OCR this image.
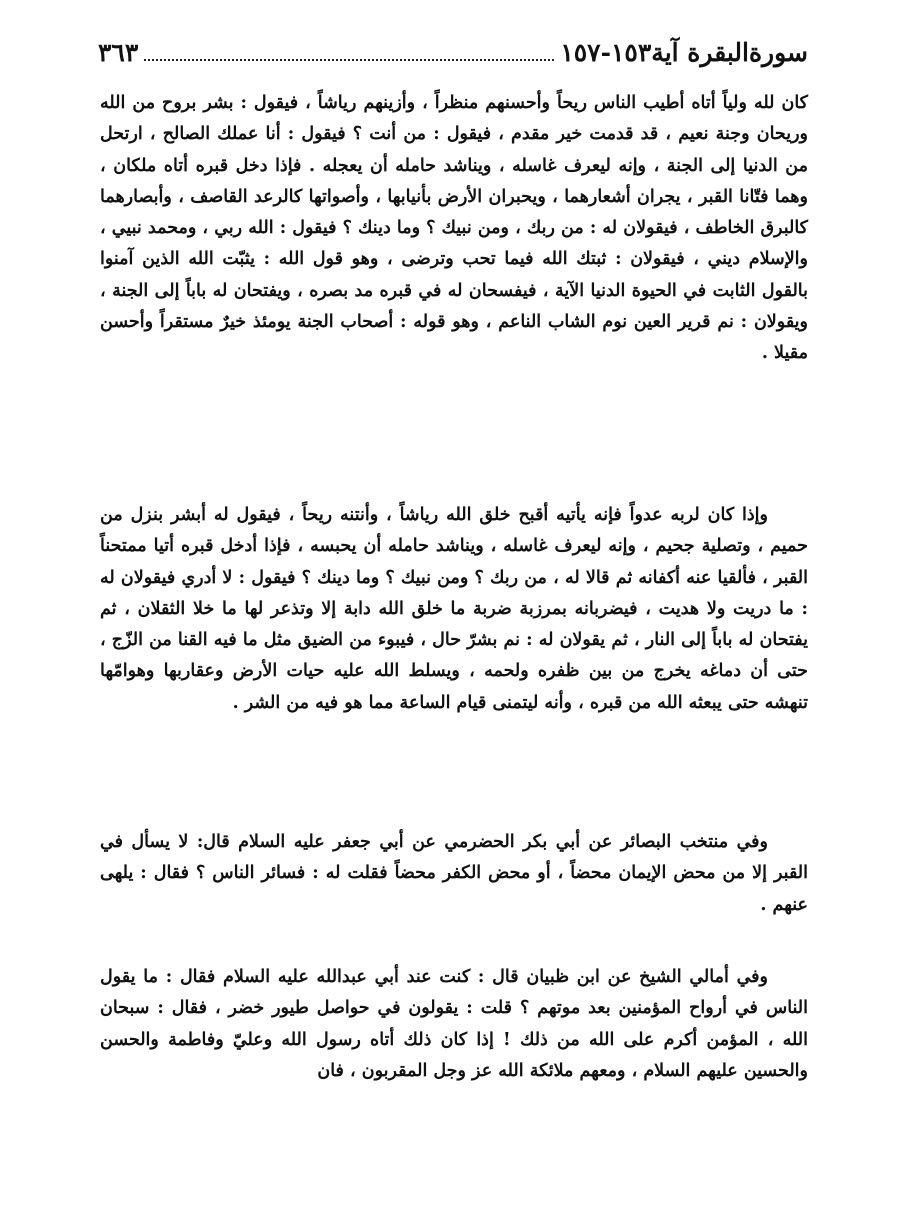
سورةالبقرة آية١٥٣-١٥٧
٣٦٣

كان لله ولياً أتاه أطيب الناس ريحاً وأحسنهم منظراً ، وأزينهم رياشاً ، فيقول : بشر بروح من الله وريحان وجنة نعيم ، قد قدمت خير مقدم ، فيقول : من أنت ؟ فيقول : أنا عملك الصالح ، ارتحل من الدنيا إلى الجنة ، وإنه ليعرف غاسله ، ويناشد حامله أن يعجله . فإذا دخل قبره أتاه ملكان ، وهما فتّانا القبر ، يجران أشعارهما ، ويحبران الأرض بأنيابها ، وأصواتها كالرعد القاصف ، وأبصارهما كالبرق الخاطف ، فيقولان له : من ربك ، ومن نبيك ؟ وما دينك ؟ فيقول : الله ربي ، ومحمد نبيي ، والإسلام ديني ، فيقولان : ثبتك الله فيما تحب وترضى ، وهو قول الله : يثبّت الله الذين آمنوا بالقول الثابت في الحيوة الدنيا الآية ، فيفسحان له في قبره مد بصره ، ويفتحان له باباً إلى الجنة ، ويقولان : نم قرير العين نوم الشاب الناعم ، وهو قوله : أصحاب الجنة يومئذ خيرٌ مستقراً وأحسن مقيلا .

وإذا كان لربه عدواً فإنه يأتيه أقبح خلق الله رياشاً ، وأنتنه ريحاً ، فيقول له أبشر بنزل من حميم ، وتصلية جحيم ، وإنه ليعرف غاسله ، ويناشد حامله أن يحبسه ، فإذا أدخل قبره أتيا ممتحناً القبر ، فألقيا عنه أكفانه ثم قالا له ، من ربك ؟ ومن نبيك ؟ وما دينك ؟ فيقول : لا أدري فيقولان له : ما دريت ولا هديت ، فيضربانه بمرزبة ضربة ما خلق الله دابة إلا وتذعر لها ما خلا الثقلان ، ثم يفتحان له باباً إلى النار ، ثم يقولان له : نم بشرّ حال ، فيبوء من الضيق مثل ما فيه القنا من الزّج ، حتى أن دماغه يخرج من بين ظفره ولحمه ، ويسلط الله عليه حيات الأرض وعقاربها وهوامّها تنهشه حتى يبعثه الله من قبره ، وأنه ليتمنى قيام الساعة مما هو فيه من الشر .

وفي منتخب البصائر عن أبي بكر الحضرمي عن أبي جعفر عليه السلام قال: لا يسأل في القبر إلا من محض الإيمان محضاً ، أو محض الكفر محضاً فقلت له : فسائر الناس ؟ فقال : يلهى عنهم .

وفي أمالي الشيخ عن ابن ظبيان قال : كنت عند أبي عبدالله عليه السلام فقال : ما يقول الناس في أرواح المؤمنين بعد موتهم ؟ قلت : يقولون في حواصل طيور خضر ، فقال : سبحان الله ، المؤمن أكرم على الله من ذلك ! إذا كان ذلك أتاه رسول الله وعليّ وفاطمة والحسن والحسين عليهم السلام ، ومعهم ملائكة الله عز وجل المقربون ، فان
